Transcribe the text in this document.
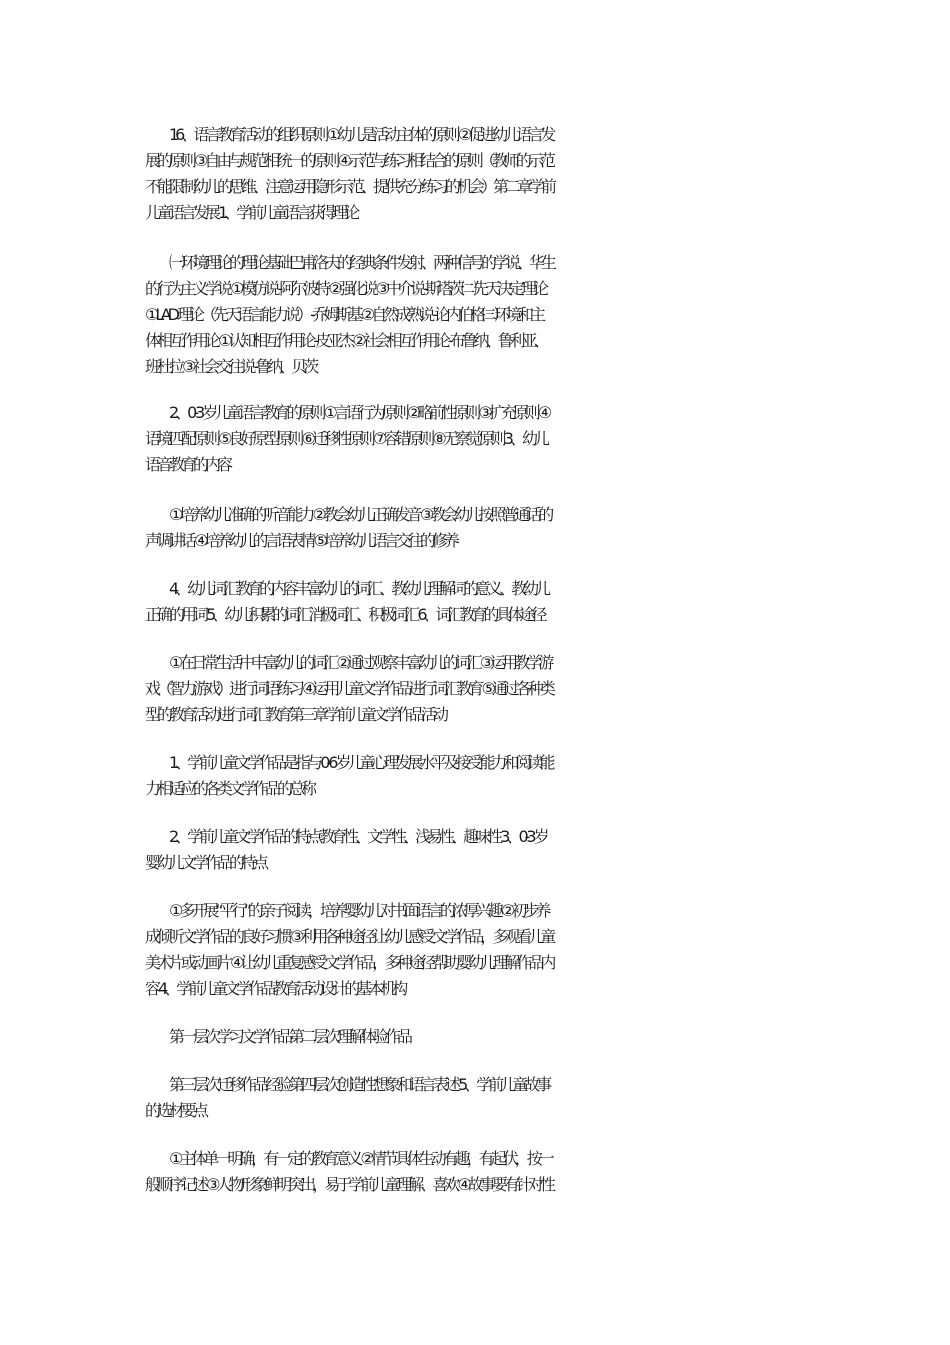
　　16、语言教育活动的组织原则 ①幼儿是活动主体的原则 ②促进幼儿语言发
展的原则 ③自由与规范相统一的原则 ④示范与练习相结合的原则（教师的示范
不能限制幼儿的思维、注意运用隐形示范、提供充分练习的机会）第二章学前
儿童语言发展 1、学前儿童语言获得理论
　　㈠环境理论的理论基础巴甫洛夫的经典条件发射、两种信号的学说、华生
的行为主义学说 ①模仿说 -阿尔波特 ②强化说 ③中介说 -斯塔茨㈡先天决定理论
①LAD 理论（先天语言能力说） -乔姆斯基 ②自然成熟说 -论内伯格㈢环境和主
体相互作用论 ①认知相互作用论 -皮亚杰 ②社会相互作用论 -布鲁纳、鲁利亚、
班杜拉 ③社会交往说 -鲁纳、贝茨
　　2、0-3 岁儿童语言教育的原则 ①言语行为原则 ②略前性原则 ③扩充原则 ④
语境匹配原则 ⑤良好原型原则 ⑥迁移性原则 ⑦容错原则 ⑧无察觉原则 3、幼儿
语音教育的内容
　　①培养幼儿准确的听音能力 ②教会幼儿正确发音 ③教会幼儿按照普通话的
声调讲话 ④培养幼儿的言语表情 ⑤培养幼儿语言交往的修养
　　4、幼儿词汇教育的内容丰富幼儿的词汇、教幼儿理解词的意义、教幼儿
正确的用词 5、幼儿积累的词汇消极词汇、积极词汇 6、词汇教育的具体途径
　　①在日常生活中丰富幼儿的词汇 ②通过观察丰富幼儿的词汇 ③运用教学游
戏（智力游戏）进行词语练习 ④运用儿童文学作品进行词汇教育 ⑤通过各种类
型的教育活动进行词汇教育第三章学前儿童文学作品活动
　　1、学前儿童文学作品是指与 0-6 岁儿童心理发展水平及接受能力和阅读能
力相适应的各类文学作品的总称
　　2、学前儿童文学作品的特点教育性、文学性、浅易性、趣味性 3、0-3 岁
婴幼儿文学作品的特点
　　①多开展“平行”的亲子阅读，培养婴幼儿对书面语言的浓厚兴趣 ②初步养
成倾听文学作品的良好习惯 ③利用各种途径让幼儿感受文学作品，多观看儿童
美术片或动画片 ④让幼儿重复感受文学作品，多种途径帮助婴幼儿理解作品内
容 4、学前儿童文学作品教育活动设计的基本机构
　　第一层次学习文学作品第二层次理解体验作品
　　第三层次迁移作品经验第四层次创造性想象和语言表述 5、学前儿童故事
的选材要点
　　①主体单一明确，有一定的教育意义 ②情节具体生动有趣，有起伏，按一
般顺序记述 ③人物形象鲜明突出，易于学前儿童理解、喜欢 ④故事要有针对性
